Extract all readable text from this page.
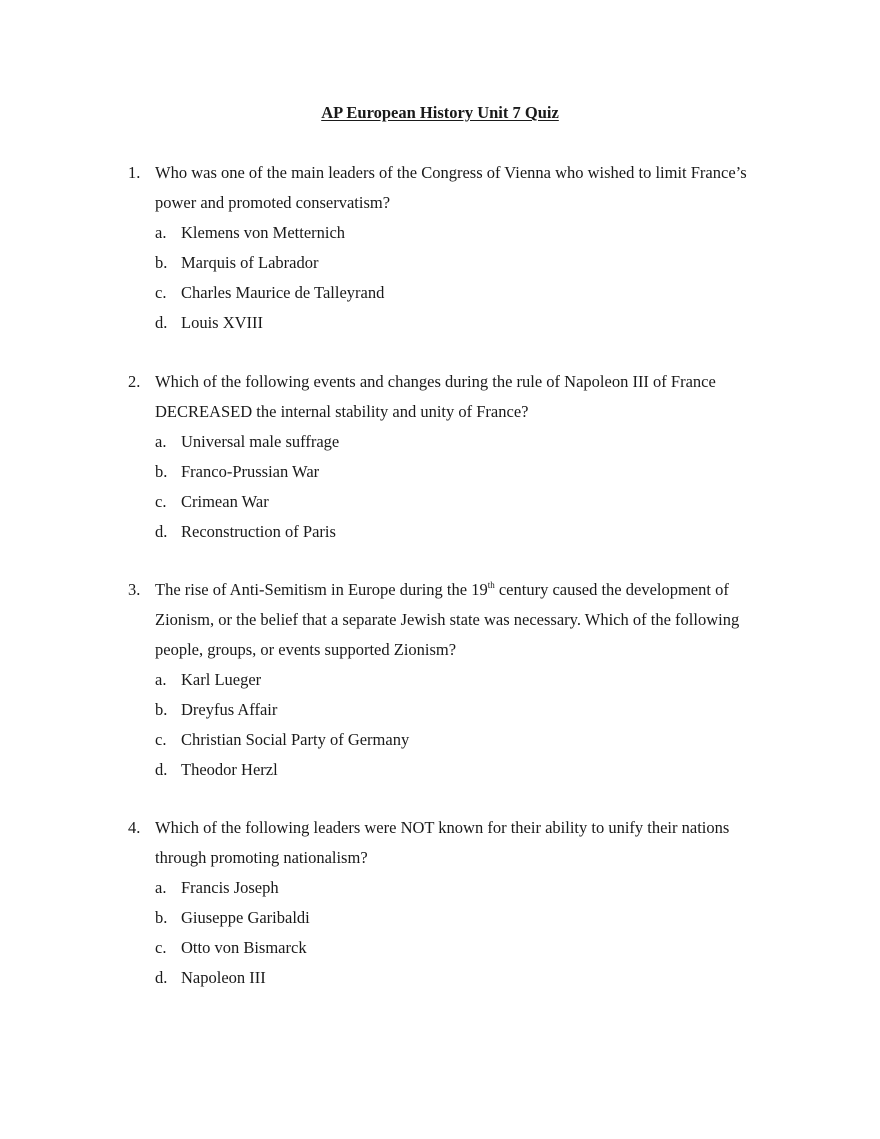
AP European History Unit 7 Quiz
1. Who was one of the main leaders of the Congress of Vienna who wished to limit France’s power and promoted conservatism?
a. Klemens von Metternich
b. Marquis of Labrador
c. Charles Maurice de Talleyrand
d. Louis XVIII
2. Which of the following events and changes during the rule of Napoleon III of France DECREASED the internal stability and unity of France?
a. Universal male suffrage
b. Franco-Prussian War
c. Crimean War
d. Reconstruction of Paris
3. The rise of Anti-Semitism in Europe during the 19th century caused the development of Zionism, or the belief that a separate Jewish state was necessary. Which of the following people, groups, or events supported Zionism?
a. Karl Lueger
b. Dreyfus Affair
c. Christian Social Party of Germany
d. Theodor Herzl
4. Which of the following leaders were NOT known for their ability to unify their nations through promoting nationalism?
a. Francis Joseph
b. Giuseppe Garibaldi
c. Otto von Bismarck
d. Napoleon III
